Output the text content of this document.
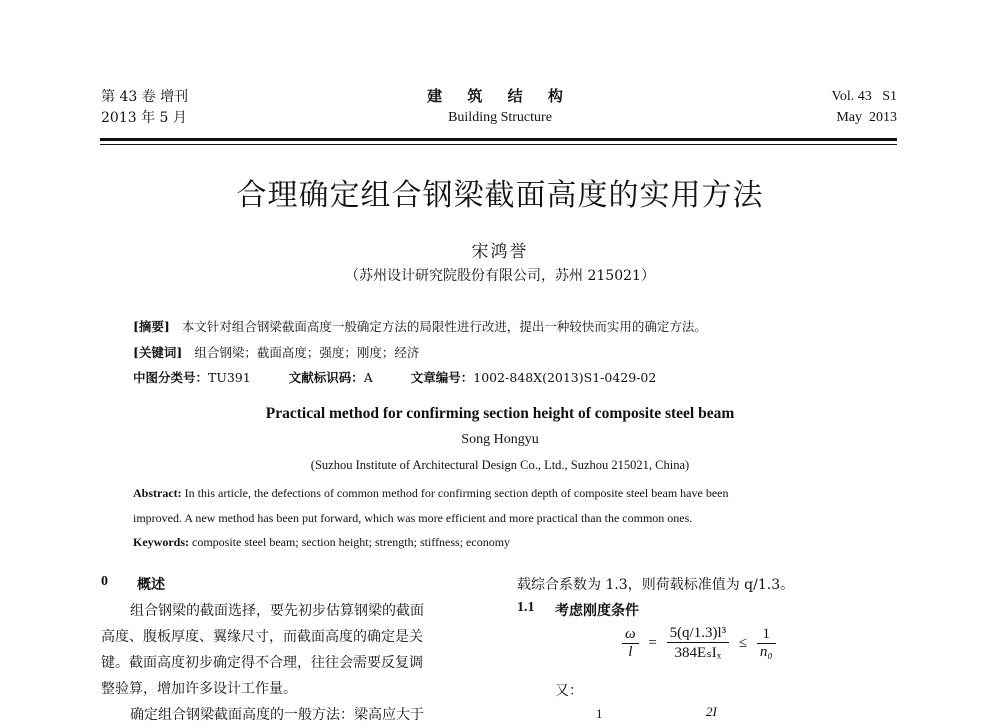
第 43 卷 增刊
2013 年 5 月
建 筑 结 构
Building Structure
Vol. 43   S1
May  2013
合理确定组合钢梁截面高度的实用方法
宋鸿誉
（苏州设计研究院股份有限公司，苏州 215021）
[摘要] 本文针对组合钢梁截面高度一般确定方法的局限性进行改进，提出一种较快而实用的确定方法。
[关键词] 组合钢梁；截面高度；强度；刚度；经济
中图分类号：TU391	文献标识码：A	文章编号：1002-848X(2013)S1-0429-02
Practical method for confirming section height of composite steel beam
Song Hongyu
(Suzhou Institute of Architectural Design Co., Ltd., Suzhou 215021, China)
Abstract: In this article, the defections of common method for confirming section depth of composite steel beam have been
improved. A new method has been put forward, which was more efficient and more practical than the common ones.
Keywords: composite steel beam; section height; strength; stiffness; economy
0 概述
组合钢梁的截面选择，要先初步估算钢梁的截面
高度、腹板厚度、翼缘尺寸，而截面高度的确定是关
键。截面高度初步确定得不合理，往往会需要反复调
整验算，增加许多设计工作量。
确定组合钢梁截面高度的一般方法：梁高应大于
载综合系数为 1.3，则荷载标准值为 q/1.3。
1.1 考虑刚度条件
$\frac{\omega}{l} = \frac{\text{5(q/1.3)l³}}{\text{384EₛIₓ}} \le \frac{1}{\text{n₀}}$
又：
1	2I
